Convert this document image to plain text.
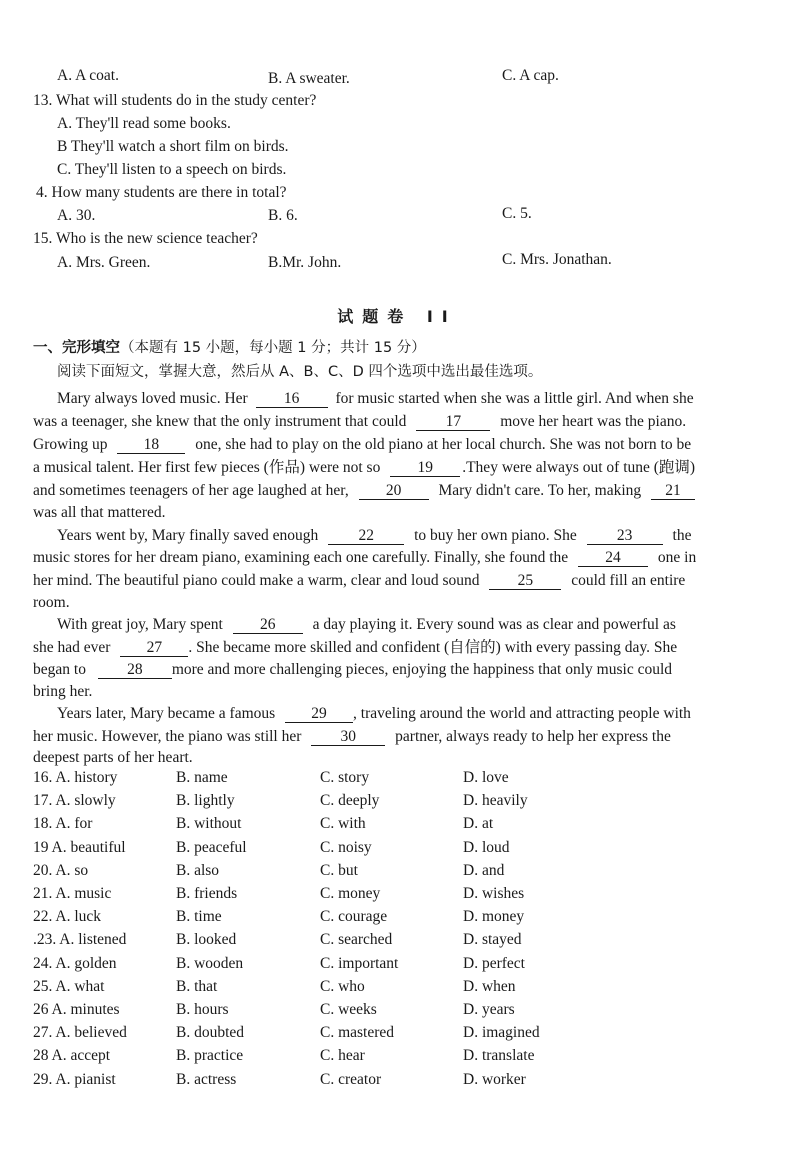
A. A coat.	B. A sweater.	C. A cap.
13. What will students do in the study center?
A. They'll read some books.
B They'll watch a short film on birds.
C. They'll listen to a speech on birds.
4. How many students are there in total?
A. 30.	B. 6.	C. 5.
15. Who is the new science teacher?
A. Mrs. Green.	B.Mr. John.	C. Mrs. Jonathan.
试题卷 II
一、完形填空（本题有 15 小题，每小题 1 分；共计 15 分）
阅读下面短文，掌握大意，然后从 A、B、C、D 四个选项中选出最佳选项。
Mary always loved music. Her 16 for music started when she was a little girl. And when she
was a teenager, she knew that the only instrument that could	17	move her heart was the piano.
Growing up 18 one, she had to play on the old piano at her local church. She was not born to be
a musical talent. Her first few pieces (作品) were not so 19 .They were always out of tune (跑调)
and sometimes teenagers of her age laughed at her, 20 Mary didn't care. To her, making 21
was all that mattered.
Years went by, Mary finally saved enough	22	to buy her own piano. She	23	the
music stores for her dream piano, examining each one carefully. Finally, she found the 24 one in
her mind. The beautiful piano could make a warm, clear and loud sound 25 could fill an entire
room.
With great joy, Mary spent 26 a day playing it. Every sound was as clear and powerful as
she had ever 27 . She became more skilled and confident (自信的) with every passing day. She
began to	28 more and more challenging pieces, enjoying the happiness that only music could
bring her.
Years later, Mary became a famous 29 , traveling around the world and attracting people with
her music. However, the piano was still her	30	partner, always ready to help her express the
deepest parts of her heart.
16. A. history	B. name	C. story	D. love
17. A. slowly	B. lightly	C. deeply	D. heavily
18. A. for	B. without	C. with	D. at
19 A. beautiful	B. peaceful	C. noisy	D. loud
20. A. so	B. also	C. but	D. and
21. A. music	B. friends	C. money	D. wishes
22. A. luck	B. time	C. courage	D. money
.23. A. listened	B. looked	C. searched	D. stayed
24. A. golden	B. wooden	C. important	D. perfect
25. A. what	B. that	C. who	D. when
26 A. minutes	B. hours	C. weeks	D. years
27. A. believed	B. doubted	C. mastered	D. imagined
28 A. accept	B. practice	C. hear	D. translate
29. A. pianist	B. actress	C. creator	D. worker
